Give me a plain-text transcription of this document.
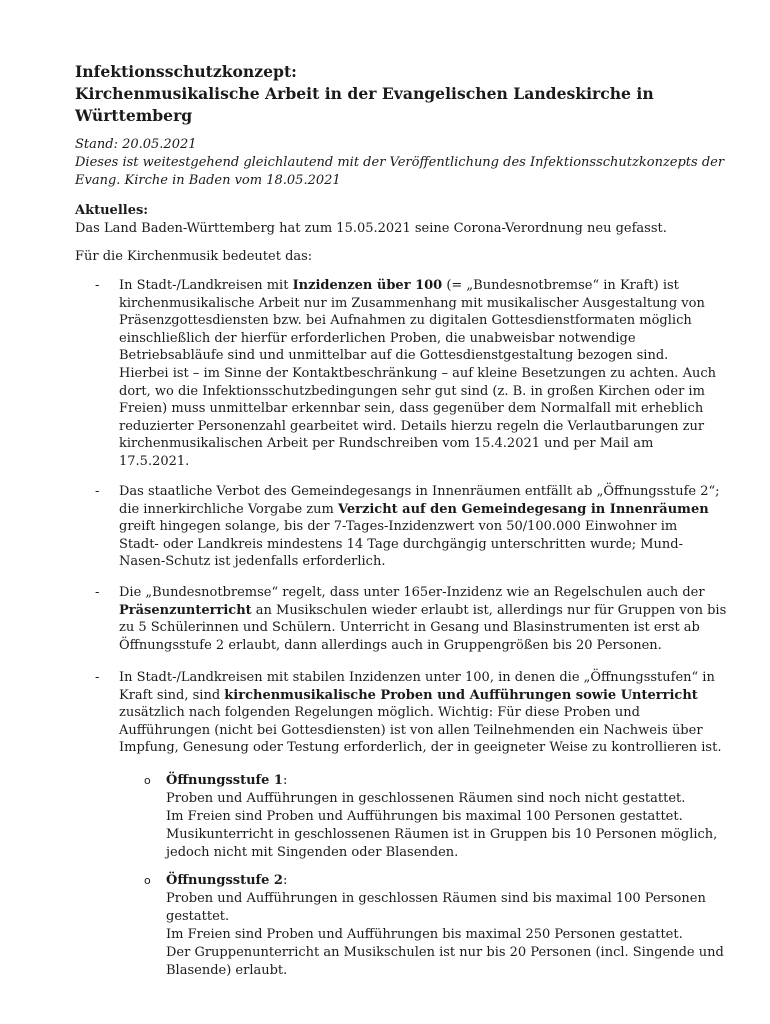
Infektionsschutzkonzept:
Kirchenmusikalische Arbeit in der Evangelischen Landeskirche in
Württemberg
Stand: 20.05.2021
Dieses ist weitestgehend gleichlautend mit der Veröffentlichung des Infektionsschutzkonzepts der
Evang. Kirche in Baden vom 18.05.2021
Aktuelles:
Das Land Baden-Württemberg hat zum 15.05.2021 seine Corona-Verordnung neu gefasst.
Für die Kirchenmusik bedeutet das:
- In Stadt-/Landkreisen mit Inzidenzen über 100 (= „Bundesnotbremse“ in Kraft) ist
kirchenmusikalische Arbeit nur im Zusammenhang mit musikalischer Ausgestaltung von
Präsenzgottesdiensten bzw. bei Aufnahmen zu digitalen Gottesdienstformaten möglich
einschließlich der hierfür erforderlichen Proben, die unabweisbar notwendige
Betriebsabläufe sind und unmittelbar auf die Gottesdienstgestaltung bezogen sind.
Hierbei ist – im Sinne der Kontaktbeschränkung – auf kleine Besetzungen zu achten. Auch
dort, wo die Infektionsschutzbedingungen sehr gut sind (z. B. in großen Kirchen oder im
Freien) muss unmittelbar erkennbar sein, dass gegenüber dem Normalfall mit erheblich
reduzierter Personenzahl gearbeitet wird. Details hierzu regeln die Verlautbarungen zur
kirchenmusikalischen Arbeit per Rundschreiben vom 15.4.2021 und per Mail am
17.5.2021.
- Das staatliche Verbot des Gemeindegesangs in Innenräumen entfällt ab „Öffnungsstufe 2“;
die innerkirchliche Vorgabe zum Verzicht auf den Gemeindegesang in Innenräumen
greift hingegen solange, bis der 7-Tages-Inzidenzwert von 50/100.000 Einwohner im
Stadt- oder Landkreis mindestens 14 Tage durchgängig unterschritten wurde; Mund-
Nasen-Schutz ist jedenfalls erforderlich.
- Die „Bundesnotbremse“ regelt, dass unter 165er-Inzidenz wie an Regelschulen auch der
Präsenzunterricht an Musikschulen wieder erlaubt ist, allerdings nur für Gruppen von bis
zu 5 Schülerinnen und Schülern. Unterricht in Gesang und Blasinstrumenten ist erst ab
Öffnungsstufe 2 erlaubt, dann allerdings auch in Gruppengrößen bis 20 Personen.
- In Stadt-/Landkreisen mit stabilen Inzidenzen unter 100, in denen die „Öffnungsstufen“ in
Kraft sind, sind kirchenmusikalische Proben und Aufführungen sowie Unterricht
zusätzlich nach folgenden Regelungen möglich. Wichtig: Für diese Proben und
Aufführungen (nicht bei Gottesdiensten) ist von allen Teilnehmenden ein Nachweis über
Impfung, Genesung oder Testung erforderlich, der in geeigneter Weise zu kontrollieren ist.
o Öffnungsstufe 1:
Proben und Aufführungen in geschlossenen Räumen sind noch nicht gestattet.
Im Freien sind Proben und Aufführungen bis maximal 100 Personen gestattet.
Musikunterricht in geschlossenen Räumen ist in Gruppen bis 10 Personen möglich,
jedoch nicht mit Singenden oder Blasenden.
o Öffnungsstufe 2:
Proben und Aufführungen in geschlossen Räumen sind bis maximal 100 Personen
gestattet.
Im Freien sind Proben und Aufführungen bis maximal 250 Personen gestattet.
Der Gruppenunterricht an Musikschulen ist nur bis 20 Personen (incl. Singende und
Blasende) erlaubt.
